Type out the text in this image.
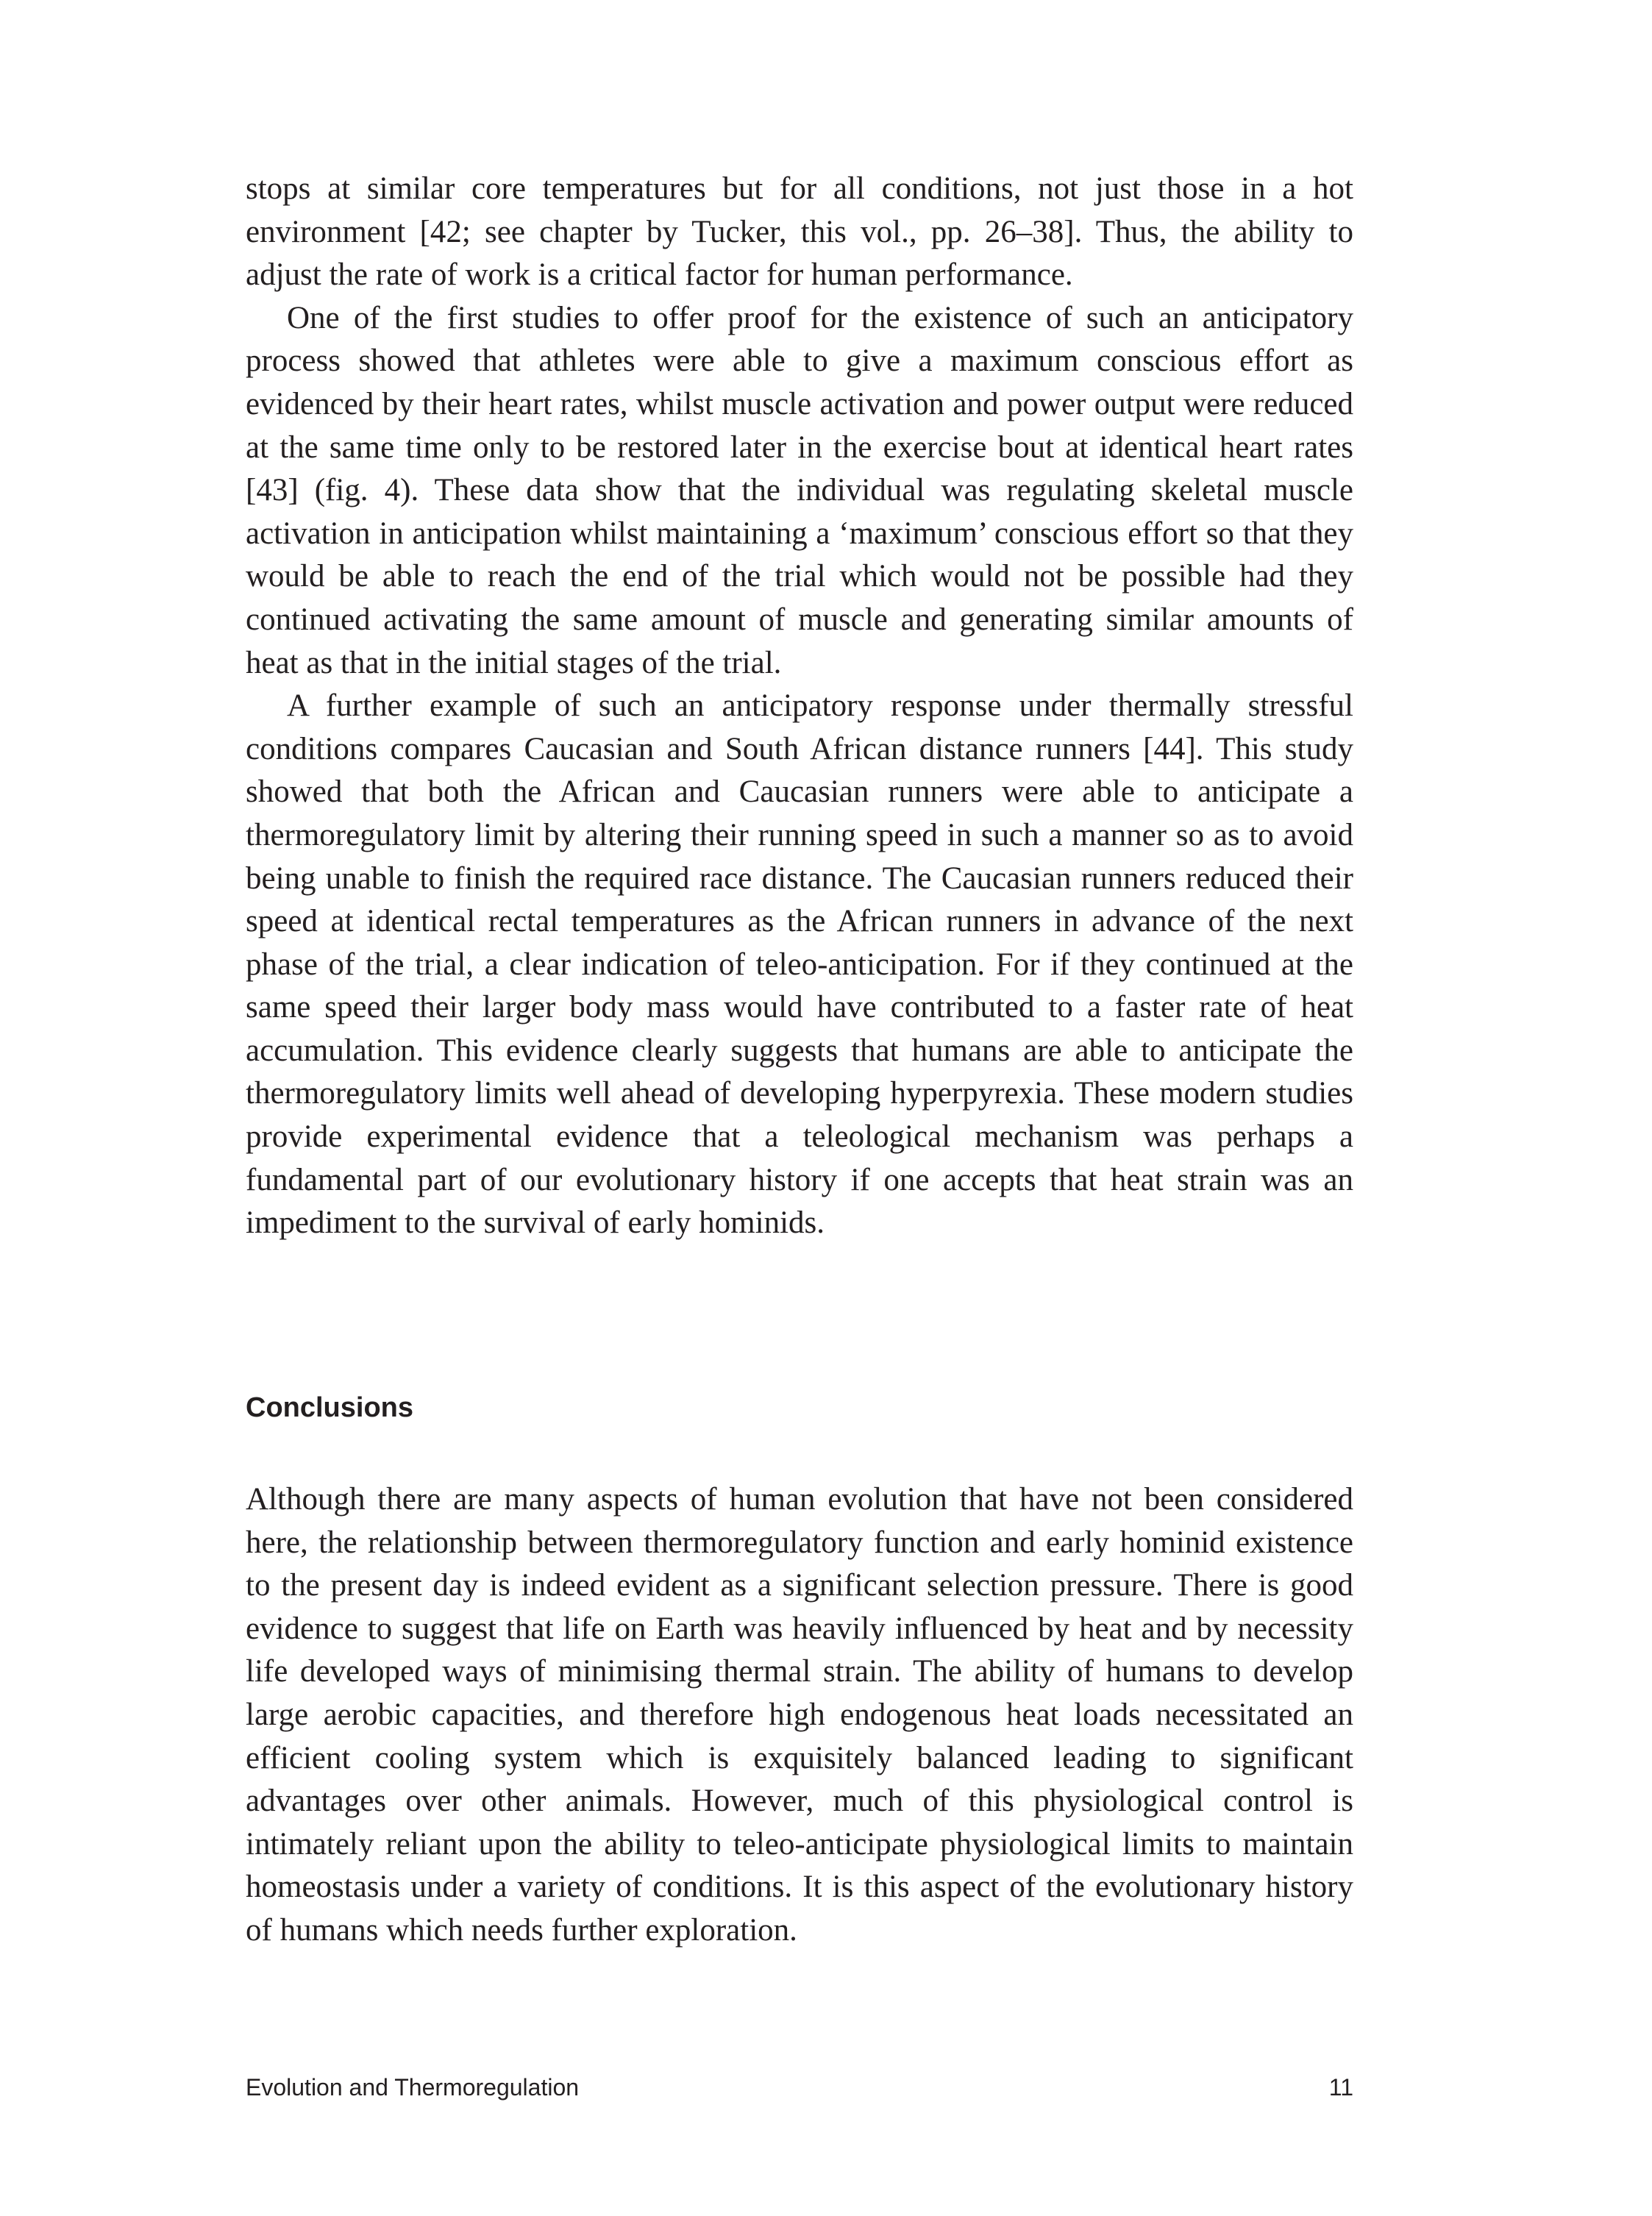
stops at similar core temperatures but for all conditions, not just those in a hot environment [42; see chapter by Tucker, this vol., pp. 26–38]. Thus, the ability to adjust the rate of work is a critical factor for human performance.

One of the first studies to offer proof for the existence of such an anticipatory process showed that athletes were able to give a maximum conscious effort as evidenced by their heart rates, whilst muscle activation and power output were reduced at the same time only to be restored later in the exercise bout at identical heart rates [43] (fig. 4). These data show that the individual was regulating skeletal muscle activation in anticipation whilst maintaining a ‘maximum’ conscious effort so that they would be able to reach the end of the trial which would not be possible had they continued activating the same amount of muscle and generating similar amounts of heat as that in the initial stages of the trial.

A further example of such an anticipatory response under thermally stressful conditions compares Caucasian and South African distance runners [44]. This study showed that both the African and Caucasian runners were able to anticipate a thermoregulatory limit by altering their running speed in such a manner so as to avoid being unable to finish the required race distance. The Caucasian runners reduced their speed at identical rectal temperatures as the African runners in advance of the next phase of the trial, a clear indication of teleo-anticipation. For if they continued at the same speed their larger body mass would have contributed to a faster rate of heat accumulation. This evidence clearly suggests that humans are able to anticipate the thermoregulatory limits well ahead of developing hyperpyrexia. These modern studies provide experimental evidence that a teleological mechanism was perhaps a fundamental part of our evolutionary history if one accepts that heat strain was an impediment to the survival of early hominids.

Conclusions

Although there are many aspects of human evolution that have not been considered here, the relationship between thermoregulatory function and early hominid existence to the present day is indeed evident as a significant selection pressure. There is good evidence to suggest that life on Earth was heavily influenced by heat and by necessity life developed ways of minimising thermal strain. The ability of humans to develop large aerobic capacities, and therefore high endogenous heat loads necessitated an efficient cooling system which is exquisitely balanced leading to significant advantages over other animals. However, much of this physiological control is intimately reliant upon the ability to teleo-anticipate physiological limits to maintain homeostasis under a variety of conditions. It is this aspect of the evolutionary history of humans which needs further exploration.

Evolution and Thermoregulation	11
